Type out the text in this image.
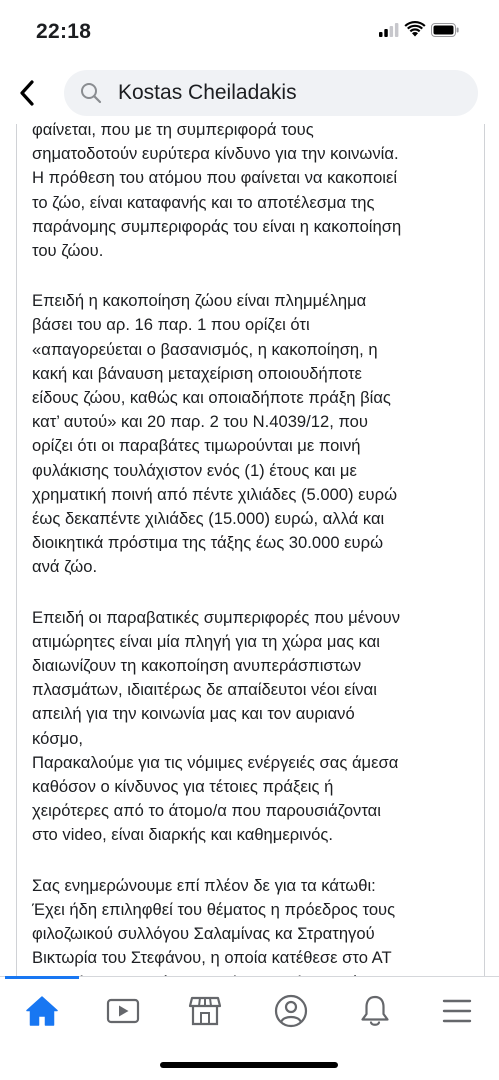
22:18
Kostas Cheiladakis

φαίνεται, που με τη συμπεριφορά τους
σηματοδοτούν ευρύτερα κίνδυνο για την κοινωνία.
Η πρόθεση του ατόμου που φαίνεται να κακοποιεί
το ζώο, είναι καταφανής και το αποτέλεσμα της
παράνομης συμπεριφοράς του είναι η κακοποίηση
του ζώου.

Επειδή η κακοποίηση ζώου είναι πλημμέλημα
βάσει του αρ. 16 παρ. 1 που ορίζει ότι
«απαγορεύεται ο βασανισμός, η κακοποίηση, η
κακή και βάναυση μεταχείριση οποιουδήποτε
είδους ζώου, καθώς και οποιαδήποτε πράξη βίας
κατ’ αυτού» και 20 παρ. 2 του Ν.4039/12, που
ορίζει ότι οι παραβάτες τιμωρούνται με ποινή
φυλάκισης τουλάχιστον ενός (1) έτους και με
χρηματική ποινή από πέντε χιλιάδες (5.000) ευρώ
έως δεκαπέντε χιλιάδες (15.000) ευρώ, αλλά και
διοικητικά πρόστιμα της τάξης έως 30.000 ευρώ
ανά ζώο.

Επειδή οι παραβατικές συμπεριφορές που μένουν
ατιμώρητες είναι μία πληγή για τη χώρα μας και
διαιωνίζουν τη κακοποίηση ανυπεράσπιστων
πλασμάτων, ιδιαιτέρως δε απαίδευτοι νέοι είναι
απειλή για την κοινωνία μας και τον αυριανό
κόσμο,
Παρακαλούμε για τις νόμιμες ενέργειές σας άμεσα
καθόσον ο κίνδυνος για τέτοιες πράξεις ή
χειρότερες από το άτομο/α που παρουσιάζονται
στο video, είναι διαρκής και καθημερινός.

Σας ενημερώνουμε επί πλέον δε για τα κάτωθι:
Έχει ήδη επιληφθεί του θέματος η πρόεδρος τους
φιλοζωικού συλλόγου Σαλαμίνας κα Στρατηγού
Βικτωρία του Στεφάνου, η οποία κατέθεσε στο ΑΤ
